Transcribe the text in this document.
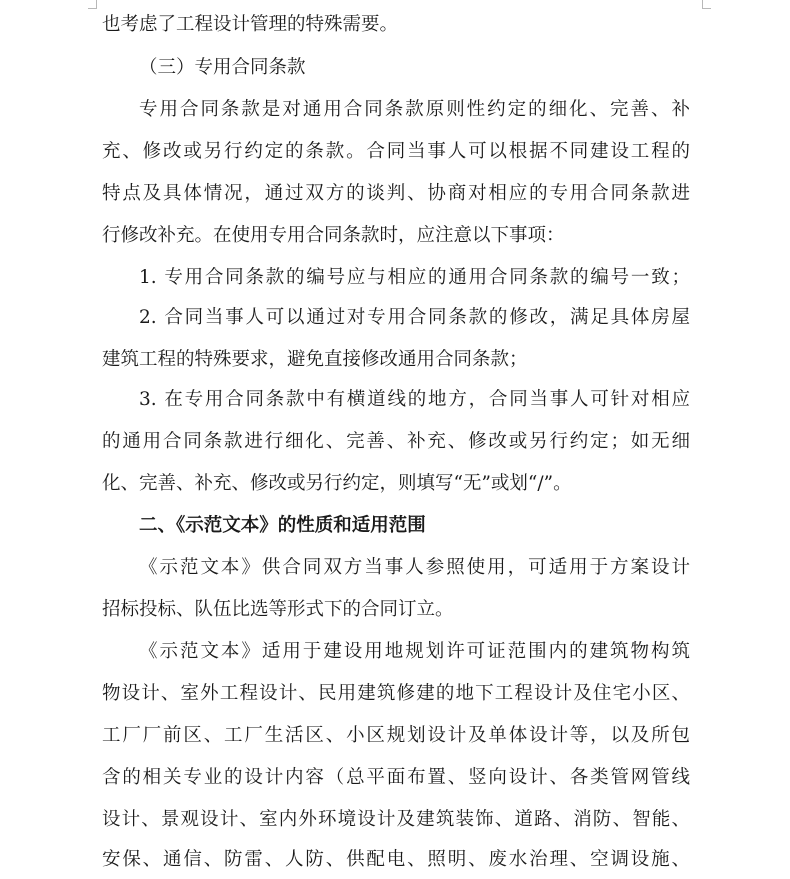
也考虑了工程设计管理的特殊需要。
（三）专用合同条款
专用合同条款是对通用合同条款原则性约定的细化、完善、补
充、修改或另行约定的条款。合同当事人可以根据不同建设工程的
特点及具体情况，通过双方的谈判、协商对相应的专用合同条款进
行修改补充。在使用专用合同条款时，应注意以下事项：
1. 专用合同条款的编号应与相应的通用合同条款的编号一致；
2. 合同当事人可以通过对专用合同条款的修改，满足具体房屋
建筑工程的特殊要求，避免直接修改通用合同条款；
3. 在专用合同条款中有横道线的地方，合同当事人可针对相应
的通用合同条款进行细化、完善、补充、修改或另行约定；如无细
化、完善、补充、修改或另行约定，则填写“无”或划“/”。
二、《示范文本》的性质和适用范围
《示范文本》供合同双方当事人参照使用，可适用于方案设计
招标投标、队伍比选等形式下的合同订立。
《示范文本》适用于建设用地规划许可证范围内的建筑物构筑
物设计、室外工程设计、民用建筑修建的地下工程设计及住宅小区、
工厂厂前区、工厂生活区、小区规划设计及单体设计等，以及所包
含的相关专业的设计内容（总平面布置、竖向设计、各类管网管线
设计、景观设计、室内外环境设计及建筑装饰、道路、消防、智能、
安保、通信、防雷、人防、供配电、照明、废水治理、空调设施、
